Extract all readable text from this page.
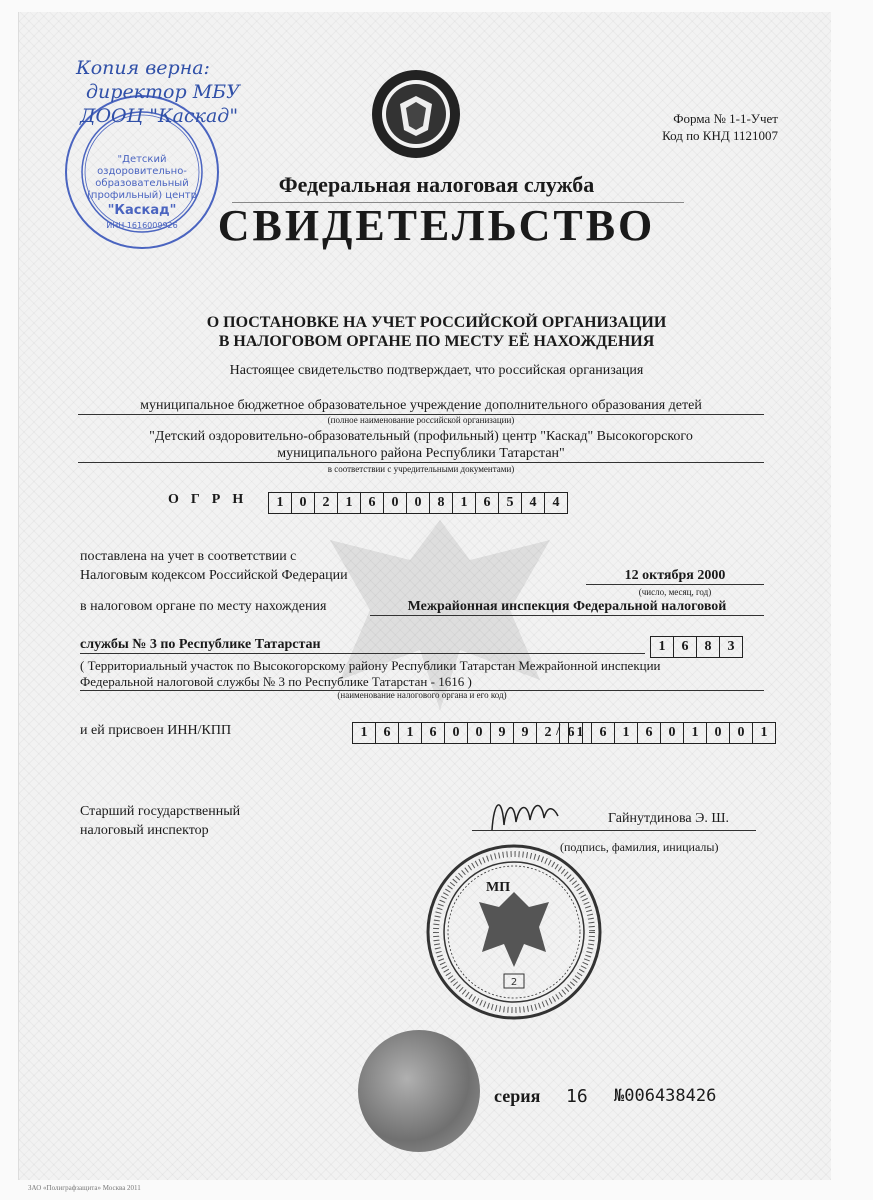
"Детский
оздоровительно-
образовательный
(профильный) центр
"Каскад"
ИНН 1616009926
Копия верна:
директор МБУ
ДООЦ "Каскад"	Форма № 1-1-Учет
Код по КНД 1121007
Федеральная налоговая служба
СВИДЕТЕЛЬСТВО
О ПОСТАНОВКЕ НА УЧЕТ РОССИЙСКОЙ ОРГАНИЗАЦИИ
В НАЛОГОВОМ ОРГАНЕ ПО МЕСТУ ЕЁ НАХОЖДЕНИЯ
Настоящее свидетельство подтверждает, что российская организация
муниципальное бюджетное образовательное учреждение дополнительного образования детей
(полное наименование российской организации)
"Детский оздоровительно-образовательный (профильный) центр "Каскад" Высокогорского
муниципального района Республики Татарстан"
в соответствии с учредительными документами)
ОГРН	1	0	2	1	6	0	0	8	1	6	5	4	4
поставлена на учет в соответствии с
Налоговым кодексом Российской Федерации	12 октября 2000
(число, месяц, год)
в налоговом органе по месту нахождения	Межрайонная инспекция Федеральной налоговой
службы № 3 по Республике Татарстан	1	6	8	3
( Территориальный участок по Высокогорскому району Республики Татарстан Межрайонной инспекции
Федеральной налоговой службы № 3 по Республике Татарстан - 1616 )
(наименование налогового органа и его код)
и ей присвоен ИНН/КПП	1	6	1	6	0	0	9	9	2	6
/	1	6	1	6	0	1	0	0	1
Старший государственный
налоговый инспектор
Гайнутдинова Э. Ш.
(подпись, фамилия, инициалы)
2
МП
серия 16 №006438426
ЗАО «Полиграфзащита» Москва 2011
